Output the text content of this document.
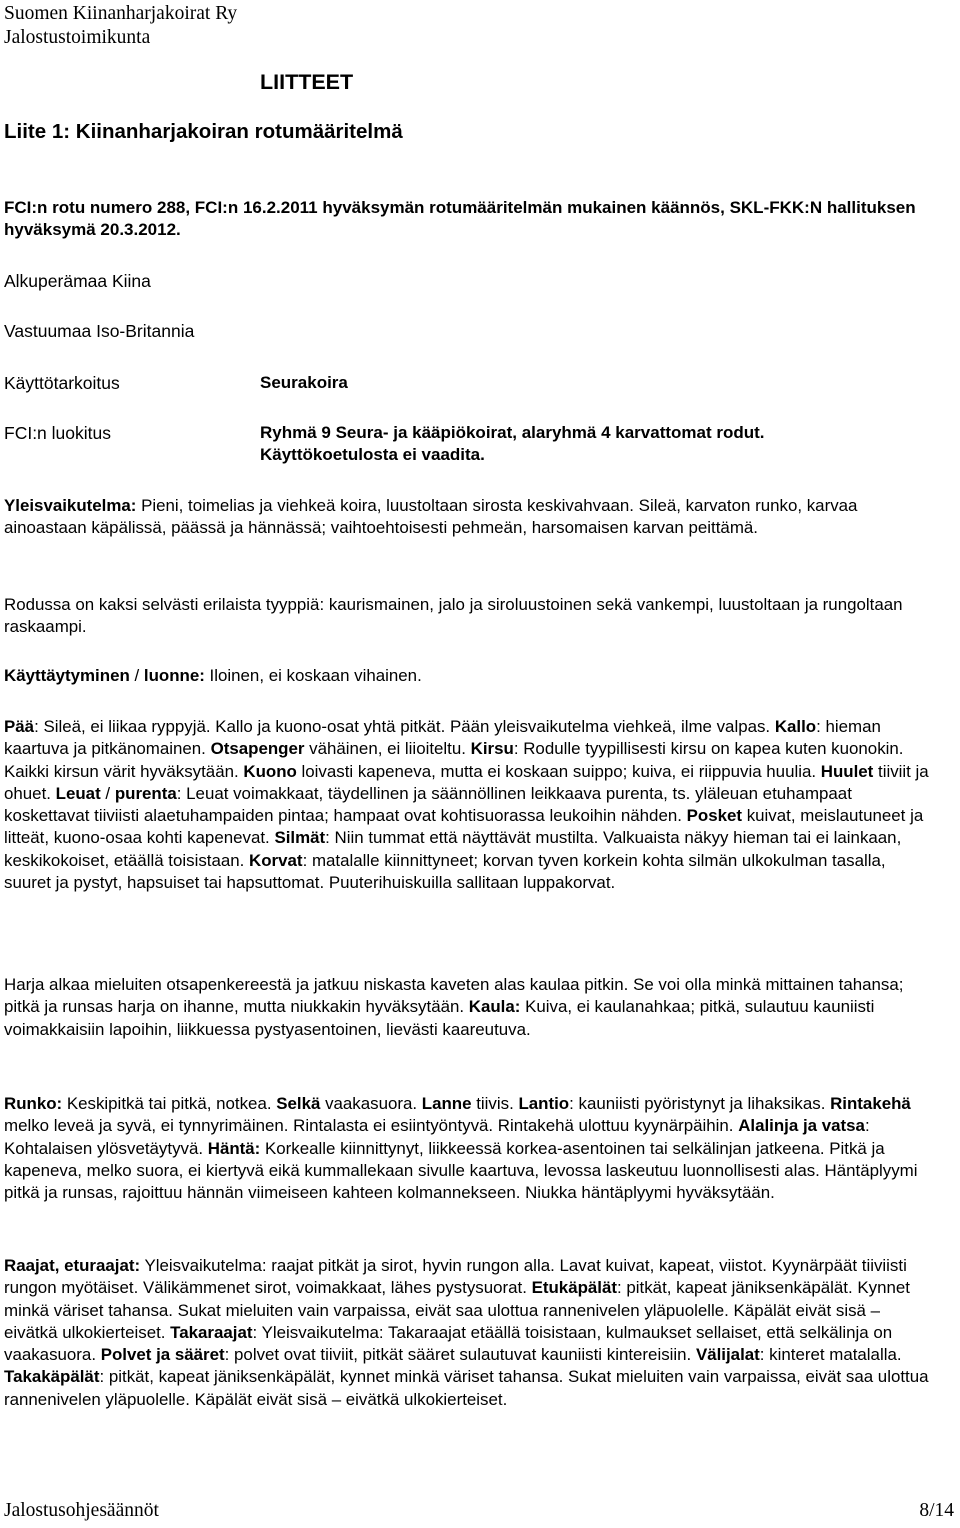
Suomen Kiinanharjakoirat Ry
Jalostustoimikunta
LIITTEET
Liite 1: Kiinanharjakoiran rotumääritelmä
FCI:n rotu numero 288, FCI:n 16.2.2011 hyväksymän rotumääritelmän mukainen käännös, SKL-FKK:N hallituksen hyväksymä 20.3.2012.
Alkuperämaa Kiina
Vastuumaa Iso-Britannia
Käyttötarkoitus	Seurakoira
FCI:n luokitus	Ryhmä 9 Seura- ja kääpiökoirat, alaryhmä 4 karvattomat rodut.
Käyttökoetulosta ei vaadita.
Yleisvaikutelma: Pieni, toimelias ja viehkeä koira, luustoltaan sirosta keskivahvaan. Sileä, karvaton runko, karvaa ainoastaan käpälissä, päässä ja hännässä; vaihtoehtoisesti pehmeän, harsomaisen karvan peittämä.
Rodussa on kaksi selvästi erilaista tyyppiä: kaurismainen, jalo ja siroluustoinen sekä vankempi, luustoltaan ja rungoltaan raskaampi.
Käyttäytyminen / luonne: Iloinen, ei koskaan vihainen.
Pää: Sileä, ei liikaa ryppyjä. Kallo ja kuono-osat yhtä pitkät. Pään yleisvaikutelma viehkeä, ilme valpas. Kallo: hieman kaartuva ja pitkänomainen. Otsapenger vähäinen, ei liioiteltu. Kirsu: Rodulle tyypillisesti kirsu on kapea kuten kuonokin. Kaikki kirsun värit hyväksytään. Kuono loivasti kapeneva, mutta ei koskaan suippo; kuiva, ei riippuvia huulia. Huulet tiiviit ja ohuet. Leuat / purenta: Leuat voimakkaat, täydellinen ja säännöllinen leikkaava purenta, ts. yläleuan etuhampaat koskettavat tiiviisti alaetuhampaiden pintaa; hampaat ovat kohtisuorassa leukoihin nähden. Posket kuivat, meislautuneet ja litteät, kuono-osaa kohti kapenevat. Silmät: Niin tummat että näyttävät mustilta. Valkuaista näkyy hieman tai ei lainkaan, keskikokoiset, etäällä toisistaan. Korvat: matalalle kiinnittyneet; korvan tyven korkein kohta silmän ulkokulman tasalla, suuret ja pystyt, hapsuiset tai hapsuttomat. Puuterihuiskuilla sallitaan luppakorvat.
Harja alkaa mieluiten otsapenkereestä ja jatkuu niskasta kaveten alas kaulaa pitkin. Se voi olla minkä mittainen tahansa; pitkä ja runsas harja on ihanne, mutta niukkakin hyväksytään. Kaula: Kuiva, ei kaulanahkaa; pitkä, sulautuu kauniisti voimakkaisiin lapoihin, liikkuessa pystyasentoinen, lievästi kaareutuva.
Runko: Keskipitkä tai pitkä, notkea. Selkä vaakasuora. Lanne tiivis. Lantio: kauniisti pyöristynyt ja lihaksikas. Rintakehä melko leveä ja syvä, ei tynnyrimäinen. Rintalasta ei esiintyöntyvä. Rintakehä ulottuu kyynärpäihin. Alalinja ja vatsa: Kohtalaisen ylösvetäytyvä. Häntä: Korkealle kiinnittynyt, liikkeessä korkea-asentoinen tai selkälinjan jatkeena. Pitkä ja kapeneva, melko suora, ei kiertyvä eikä kummallekaan sivulle kaartuva, levossa laskeutuu luonnollisesti alas. Häntäplyymi pitkä ja runsas, rajoittuu hännän viimeiseen kahteen kolmannekseen. Niukka häntäplyymi hyväksytään.
Raajat, eturaajat: Yleisvaikutelma: raajat pitkät ja sirot, hyvin rungon alla. Lavat kuivat, kapeat, viistot. Kyynärpäät tiiviisti rungon myötäiset. Välikämmenet sirot, voimakkaat, lähes pystysuorat. Etukäpälät: pitkät, kapeat jäniksenkäpälät. Kynnet minkä väriset tahansa. Sukat mieluiten vain varpaissa, eivät saa ulottua rannenivelen yläpuolelle. Käpälät eivät sisä – eivätkä ulkokierteiset. Takaraajat: Yleisvaikutelma: Takaraajat etäällä toisistaan, kulmaukset sellaiset, että selkälinja on vaakasuora. Polvet ja sääret: polvet ovat tiiviit, pitkät sääret sulautuvat kauniisti kintereisiin. Välijalat: kinteret matalalla. Takakäpälät: pitkät, kapeat jäniksenkäpälät, kynnet minkä väriset tahansa. Sukat mieluiten vain varpaissa, eivät saa ulottua rannenivelen yläpuolelle. Käpälät eivät sisä – eivätkä ulkokierteiset.
Jalostusohjesäännöt	8/14
